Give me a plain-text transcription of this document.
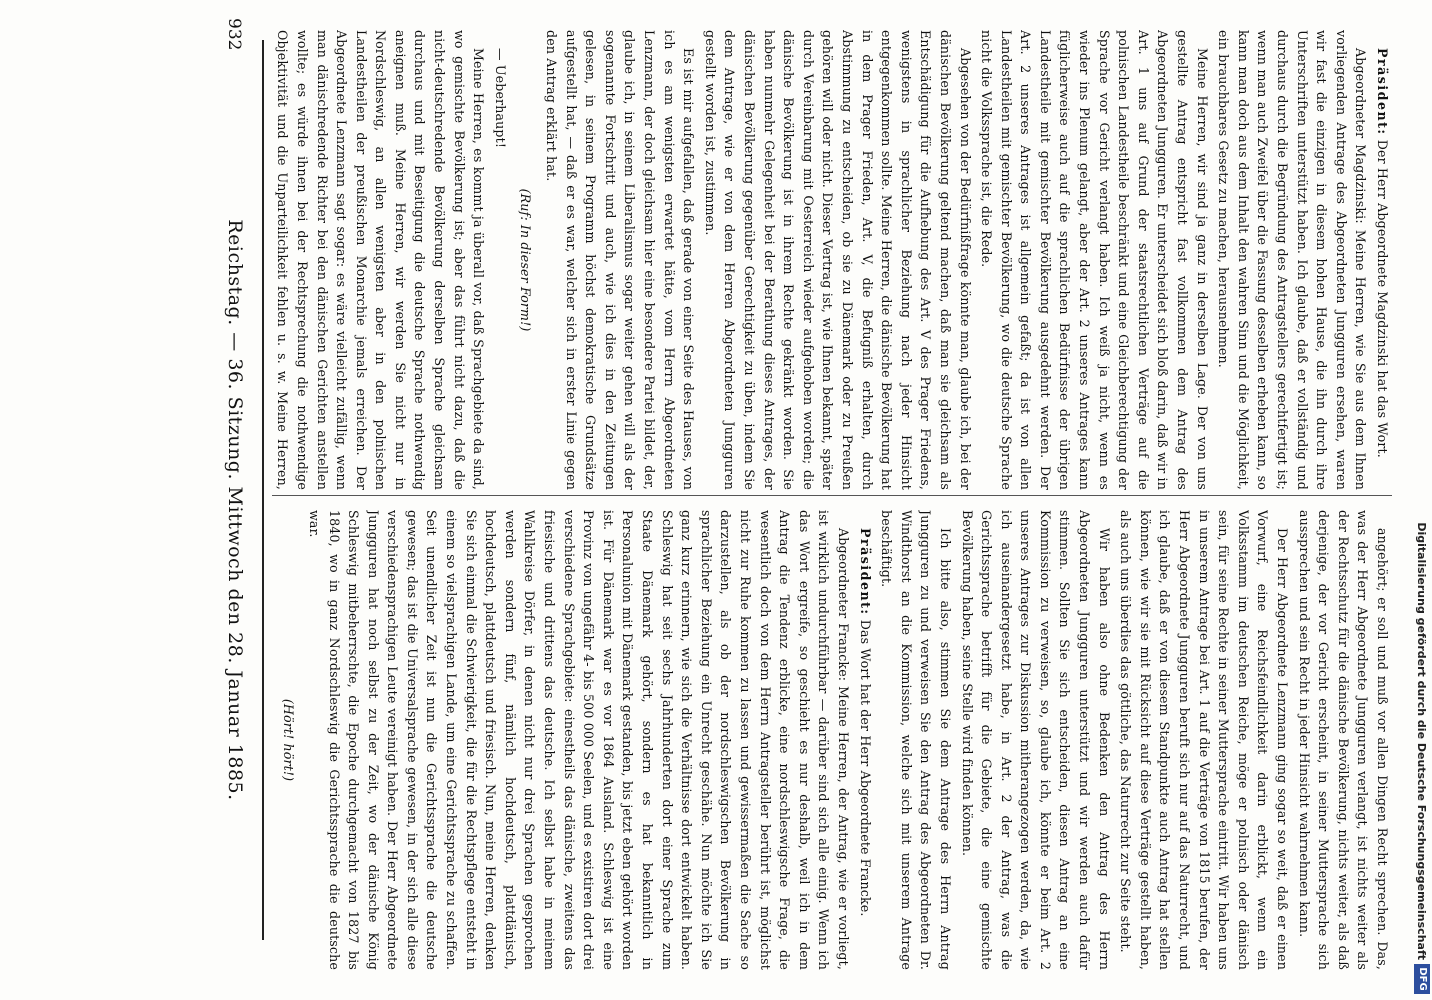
Digitalisierung gefördert durch die Deutsche Forschungsgemeinschaft
DFG

Präsident: Der Herr Abgeordnete Magdzinski hat das Wort.

Abgeordneter Magdzinski: Meine Herren, wie Sie aus dem Ihnen vorliegenden Antrage des Abgeordneten Jungguren ersehen, waren wir fast die einzigen in diesem hohen Hause, die ihn durch ihre Unterschriften unterstützt haben. Ich glaube, daß er vollständig und durchaus durch die Begründung des Antragstellers gerechtfertigt ist; wenn man auch Zweifel über die Fassung desselben erheben kann, so kann man doch aus dem Inhalt den wahren Sinn und die Möglichkeit, ein brauchbares Gesetz zu machen, herausnehmen.

Meine Herren, wir sind ja ganz in derselben Lage. Der von uns gestellte Antrag entspricht fast vollkommen dem Antrag des Abgeordneten Jungguren. Er unterscheidet sich bloß darin, daß wir in Art. 1 uns auf Grund der staatsrechtlichen Verträge auf die polnischen Landestheile beschränkt und eine Gleichberechtigung der Sprache vor Gericht verlangt haben. Ich weiß ja nicht, wenn es wieder ins Plenum gelangt, aber der Art. 2 unseres Antrages kann füglicherweise auch auf die sprachlichen Bedürfnisse der übrigen Landestheile mit gemischter Bevölkerung ausgedehnt werden. Der Art. 2 unseres Antrages ist allgemein gefaßt; da ist von allen Landestheilen mit gemischter Bevölkerung, wo die deutsche Sprache nicht die Volkssprache ist, die Rede.

Abgesehen von der Bedürfnißfrage könnte man, glaube ich, bei der dänischen Bevölkerung geltend machen, daß man sie gleichsam als Entschädigung für die Aufhebung des Art. V des Prager Friedens, wenigstens in sprachlicher Beziehung nach jeder Hinsicht entgegenkommen sollte. Meine Herren, die dänische Bevölkerung hat in dem Prager Frieden, Art. V, die Befugniß erhalten, durch Abstimmung zu entscheiden, ob sie zu Dänemark oder zu Preußen gehören will oder nicht. Dieser Vertrag ist, wie Ihnen bekannt, später durch Vereinbarung mit Oesterreich wieder aufgehoben worden; die dänische Bevölkerung ist in ihrem Rechte gekränkt worden. Sie haben nunmehr Gelegenheit bei der Berathung dieses Antrages, der dänischen Bevölkerung gegenüber Gerechtigkeit zu üben, indem Sie dem Antrage, wie er von dem Herren Abgeordneten Jungguren gestellt worden ist, zustimmen.

Es ist mir aufgefallen, daß gerade von einer Seite des Hauses, von ich es am wenigsten erwartet hätte, vom Herrn Abgeordneten Lenzmann, der doch gleichsam hier eine besondere Partei bildet, der, glaube ich, in seinem Liberalismus sogar weiter gehen will als der sogenannte Fortschritt und auch, wie ich dies in den Zeitungen gelesen, in seinem Programm höchst demokratische Grundsätze aufgestellt hat, — daß er es war, welcher sich in erster Linie gegen den Antrag erklärt hat.

(Ruf: In dieser Form!)

— Ueberhaupt!

Meine Herren, es kommt ja überall vor, daß Sprachgebiete da sind, wo gemischte Bevölkerung ist; aber das führt nicht dazu, daß die nicht-deutschredende Bevölkerung derselben Sprache gleichsam durchaus und mit Beseitigung die deutsche Sprache nothwendig aneignen muß. Meine Herren, wir werden Sie nicht nur in Nordschleswig, an allen wenigsten aber in den polnischen Landestheilen der preußischen Monarchie jemals erreichen. Der Abgeordnete Lenzmann sagt sogar: es wäre vielleicht zufällig, wenn man dänischredende Richter bei den dänischen Gerichten anstellen wollte; es würde ihnen bei der Rechtsprechung die nothwendige Objektivität und die Unparteilichkeit fehlen u. s. w. Meine Herren,

angehört; er soll und muß vor allen Dingen Recht sprechen. Das, was der Herr Abgeordnete Jungguren verlangt, ist nichts weiter als der Rechtsschutz für die dänische Bevölkerung, nichts weiter, als daß derjenige, der vor Gericht erscheint, in seiner Muttersprache sich aussprechen und sein Recht in jeder Hinsicht wahrnehmen kann.

Der Herr Abgeordnete Lenzmann ging sogar so weit, daß er einen Vorwurf, eine Reichsfeindlichkeit darin erblickt, wenn ein Volksstamm im deutschen Reiche, möge er polnisch oder dänisch sein, für seine Rechte in seiner Muttersprache eintritt. Wir haben uns in unserem Antrage bei Art. 1 auf die Verträge von 1815 berufen, der Herr Abgeordnete Jungguren beruft sich nur auf das Naturrecht, und ich glaube, daß er von diesem Standpunkte auch Antrag hat stellen können, wie wir sie mit Rücksicht auf diese Verträge gestellt haben, als auch uns überdies das göttliche, das Naturrecht zur Seite steht.

Wir haben also ohne Bedenken den Antrag des Herrn Abgeordneten Jungguren unterstützt und wir werden auch dafür stimmen. Sollten Sie sich entscheiden, diesen Antrag an eine Kommission zu verweisen, so, glaube ich, könnte er beim Art. 2 unseres Antrages zur Diskussion mitherangezogen werden, da, wie ich auseinandergesetzt habe, in Art. 2 der Antrag, was die Gerichtssprache betrifft für die Gebiete, die eine gemischte Bevölkerung haben, seine Stelle wird finden können.

Ich bitte also, stimmen Sie dem Antrage des Herrn Antrag Jungguren zu und verweisen Sie den Antrag des Abgeordneten Dr. Windthorst an die Kommission, welche sich mit unserem Antrage beschäftigt.

Präsident: Das Wort hat der Herr Abgeordnete Francke.

Abgeordneter Francke: Meine Herren, der Antrag, wie er vorliegt, ist wirklich undurchführbar — darüber sind sich alle einig. Wenn ich das Wort ergreife, so geschieht es nur deshalb, weil ich in dem Antrag die Tendenz erblicke, eine nordschleswigsche Frage, die wesentlich doch von dem Herrn Antragsteller berührt ist, möglichst nicht zur Ruhe kommen zu lassen und gewissermaßen die Sache so darzustellen, als ob der nordschleswigschen Bevölkerung in sprachlicher Beziehung ein Unrecht geschähe. Nun möchte ich Sie ganz kurz erinnern, wie sich die Verhältnisse dort entwickelt haben. Schleswig hat seit sechs Jahrhunderten dort einer Sprache zum Staate Dänemark gehört, sondern es hat bekanntlich in Personalunion mit Dänemark gestanden, bis jetzt eben gehört worden ist. Für Dänemark war es vor 1864 Ausland. Schleswig ist eine Provinz von ungefähr 4- bis 500 000 Seelen, und es existiren dort drei verschiedene Sprachgebiete: einestheils das dänische, zweitens das friesische und drittens das deutsche. Ich selbst habe in meinem Wahlkreise Dörfer, in denen nicht nur drei Sprachen gesprochen werden sondern fünf, nämlich hochdeutsch, plattdänisch, hochdeutsch, plattdeutsch und friesisch. Nun, meine Herren, denken Sie sich einmal die Schwierigkeit, die für die Rechtspflege entsteht in einem so vielsprachigen Lande, um eine Gerichtssprache zu schaffen. Seit unendlicher Zeit ist nun die Gerichtssprache die deutsche gewesen; das ist die Universalsprache gewesen, in der sich alle diese verschiedensprachigen Leute vereinigt haben. Der Herr Abgeordnete Jungguren hat noch selbst zu der Zeit, wo der dänische König Schleswig mitbeherrschte, die Epoche durchgemacht von 1827 bis 1840, wo in ganz Nordschleswig die Gerichtssprache die deutsche war.

(Hört! hört!)

932
Reichstag. — 36. Sitzung. Mittwoch den 28. Januar 1885.
